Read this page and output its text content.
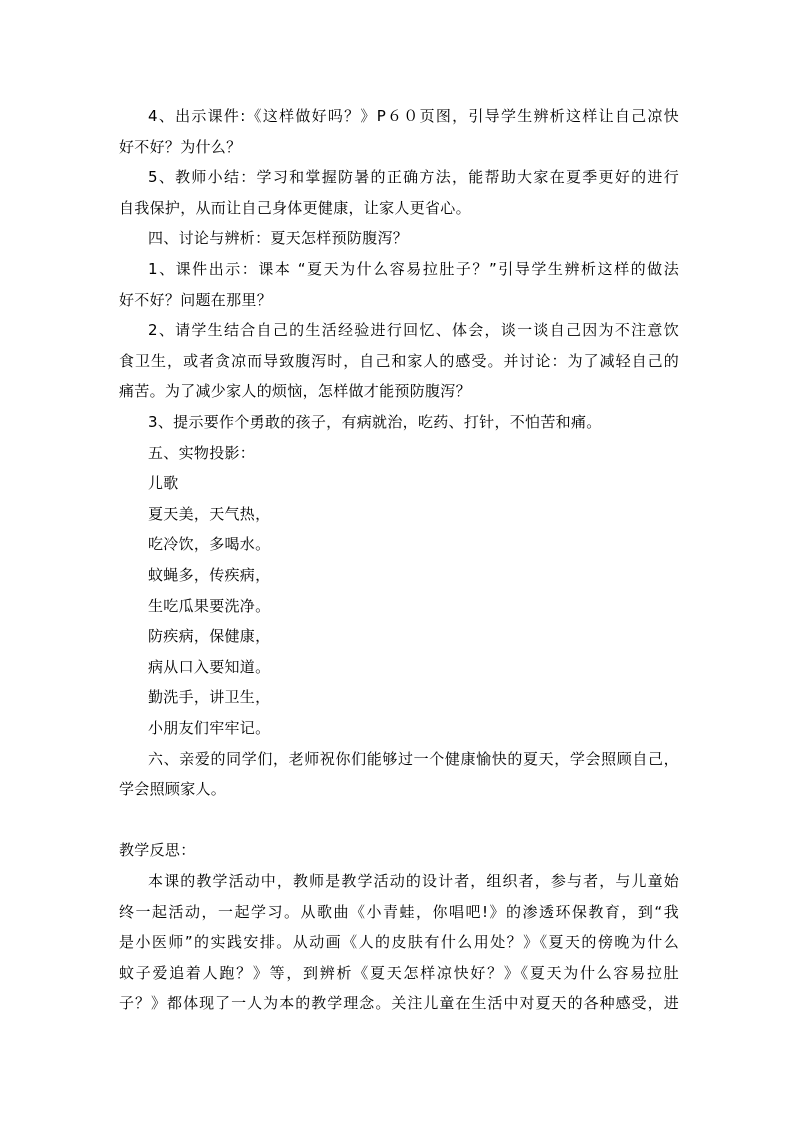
4、出示课件:《这样做好吗？》P６０页图，引导学生辨析这样让自己凉快
好不好？为什么？
5、教师小结：学习和掌握防暑的正确方法，能帮助大家在夏季更好的进行
自我保护，从而让自己身体更健康，让家人更省心。
四、讨论与辨析：夏天怎样预防腹泻？
1、课件出示：课本 “夏天为什么容易拉肚子？”引导学生辨析这样的做法
好不好？问题在那里？
2、请学生结合自己的生活经验进行回忆、体会，谈一谈自己因为不注意饮
食卫生，或者贪凉而导致腹泻时，自己和家人的感受。并讨论：为了减轻自己的
痛苦。为了减少家人的烦恼，怎样做才能预防腹泻？
3、提示要作个勇敢的孩子，有病就治，吃药、打针，不怕苦和痛。
五、实物投影：
儿歌
夏天美，天气热，
吃冷饮，多喝水。
蚊蝇多，传疾病，
生吃瓜果要洗净。
防疾病，保健康，
病从口入要知道。
勤洗手，讲卫生，
小朋友们牢牢记。
六、亲爱的同学们，老师祝你们能够过一个健康愉快的夏天，学会照顾自己，
学会照顾家人。
教学反思：
本课的教学活动中，教师是教学活动的设计者，组织者，参与者，与儿童始
终一起活动，一起学习。从歌曲《小青蛙，你唱吧!》的渗透环保教育，到“我
是小医师”的实践安排。从动画《人的皮肤有什么用处？》《夏天的傍晚为什么
蚊子爱追着人跑？》等，到辨析《夏天怎样凉快好？》《夏天为什么容易拉肚
子？》都体现了一人为本的教学理念。关注儿童在生活中对夏天的各种感受，进
